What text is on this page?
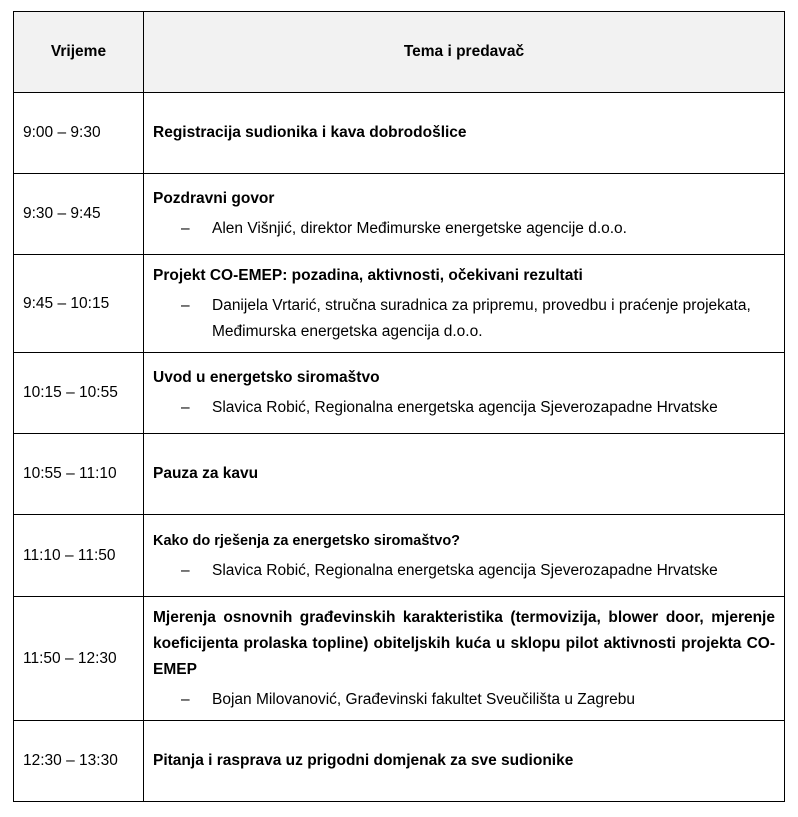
Vrijeme	Tema i predavač
9:00 – 9:30	Registracija sudionika i kava dobrodošlice

9:30 – 9:45	Pozdravni govor
– Alen Višnjić, direktor Međimurske energetske agencije d.o.o.

9:45 – 10:15	Projekt CO-EMEP: pozadina, aktivnosti, očekivani rezultati
– Danijela Vrtarić, stručna suradnica za pripremu, provedbu i praćenje projekata, Međimurska energetska agencija d.o.o.

10:15 – 10:55	Uvod u energetsko siromaštvo
– Slavica Robić, Regionalna energetska agencija Sjeverozapadne Hrvatske

10:55 – 11:10	Pauza za kavu

11:10 – 11:50	Kako do rješenja za energetsko siromaštvo?
– Slavica Robić, Regionalna energetska agencija Sjeverozapadne Hrvatske

11:50 – 12:30	Mjerenja osnovnih građevinskih karakteristika (termovizija, blower door, mjerenje koeficijenta prolaska topline) obiteljskih kuća u sklopu pilot aktivnosti projekta CO-EMEP
– Bojan Milovanović, Građevinski fakultet Sveučilišta u Zagrebu

12:30 – 13:30	Pitanja i rasprava uz prigodni domjenak za sve sudionike
